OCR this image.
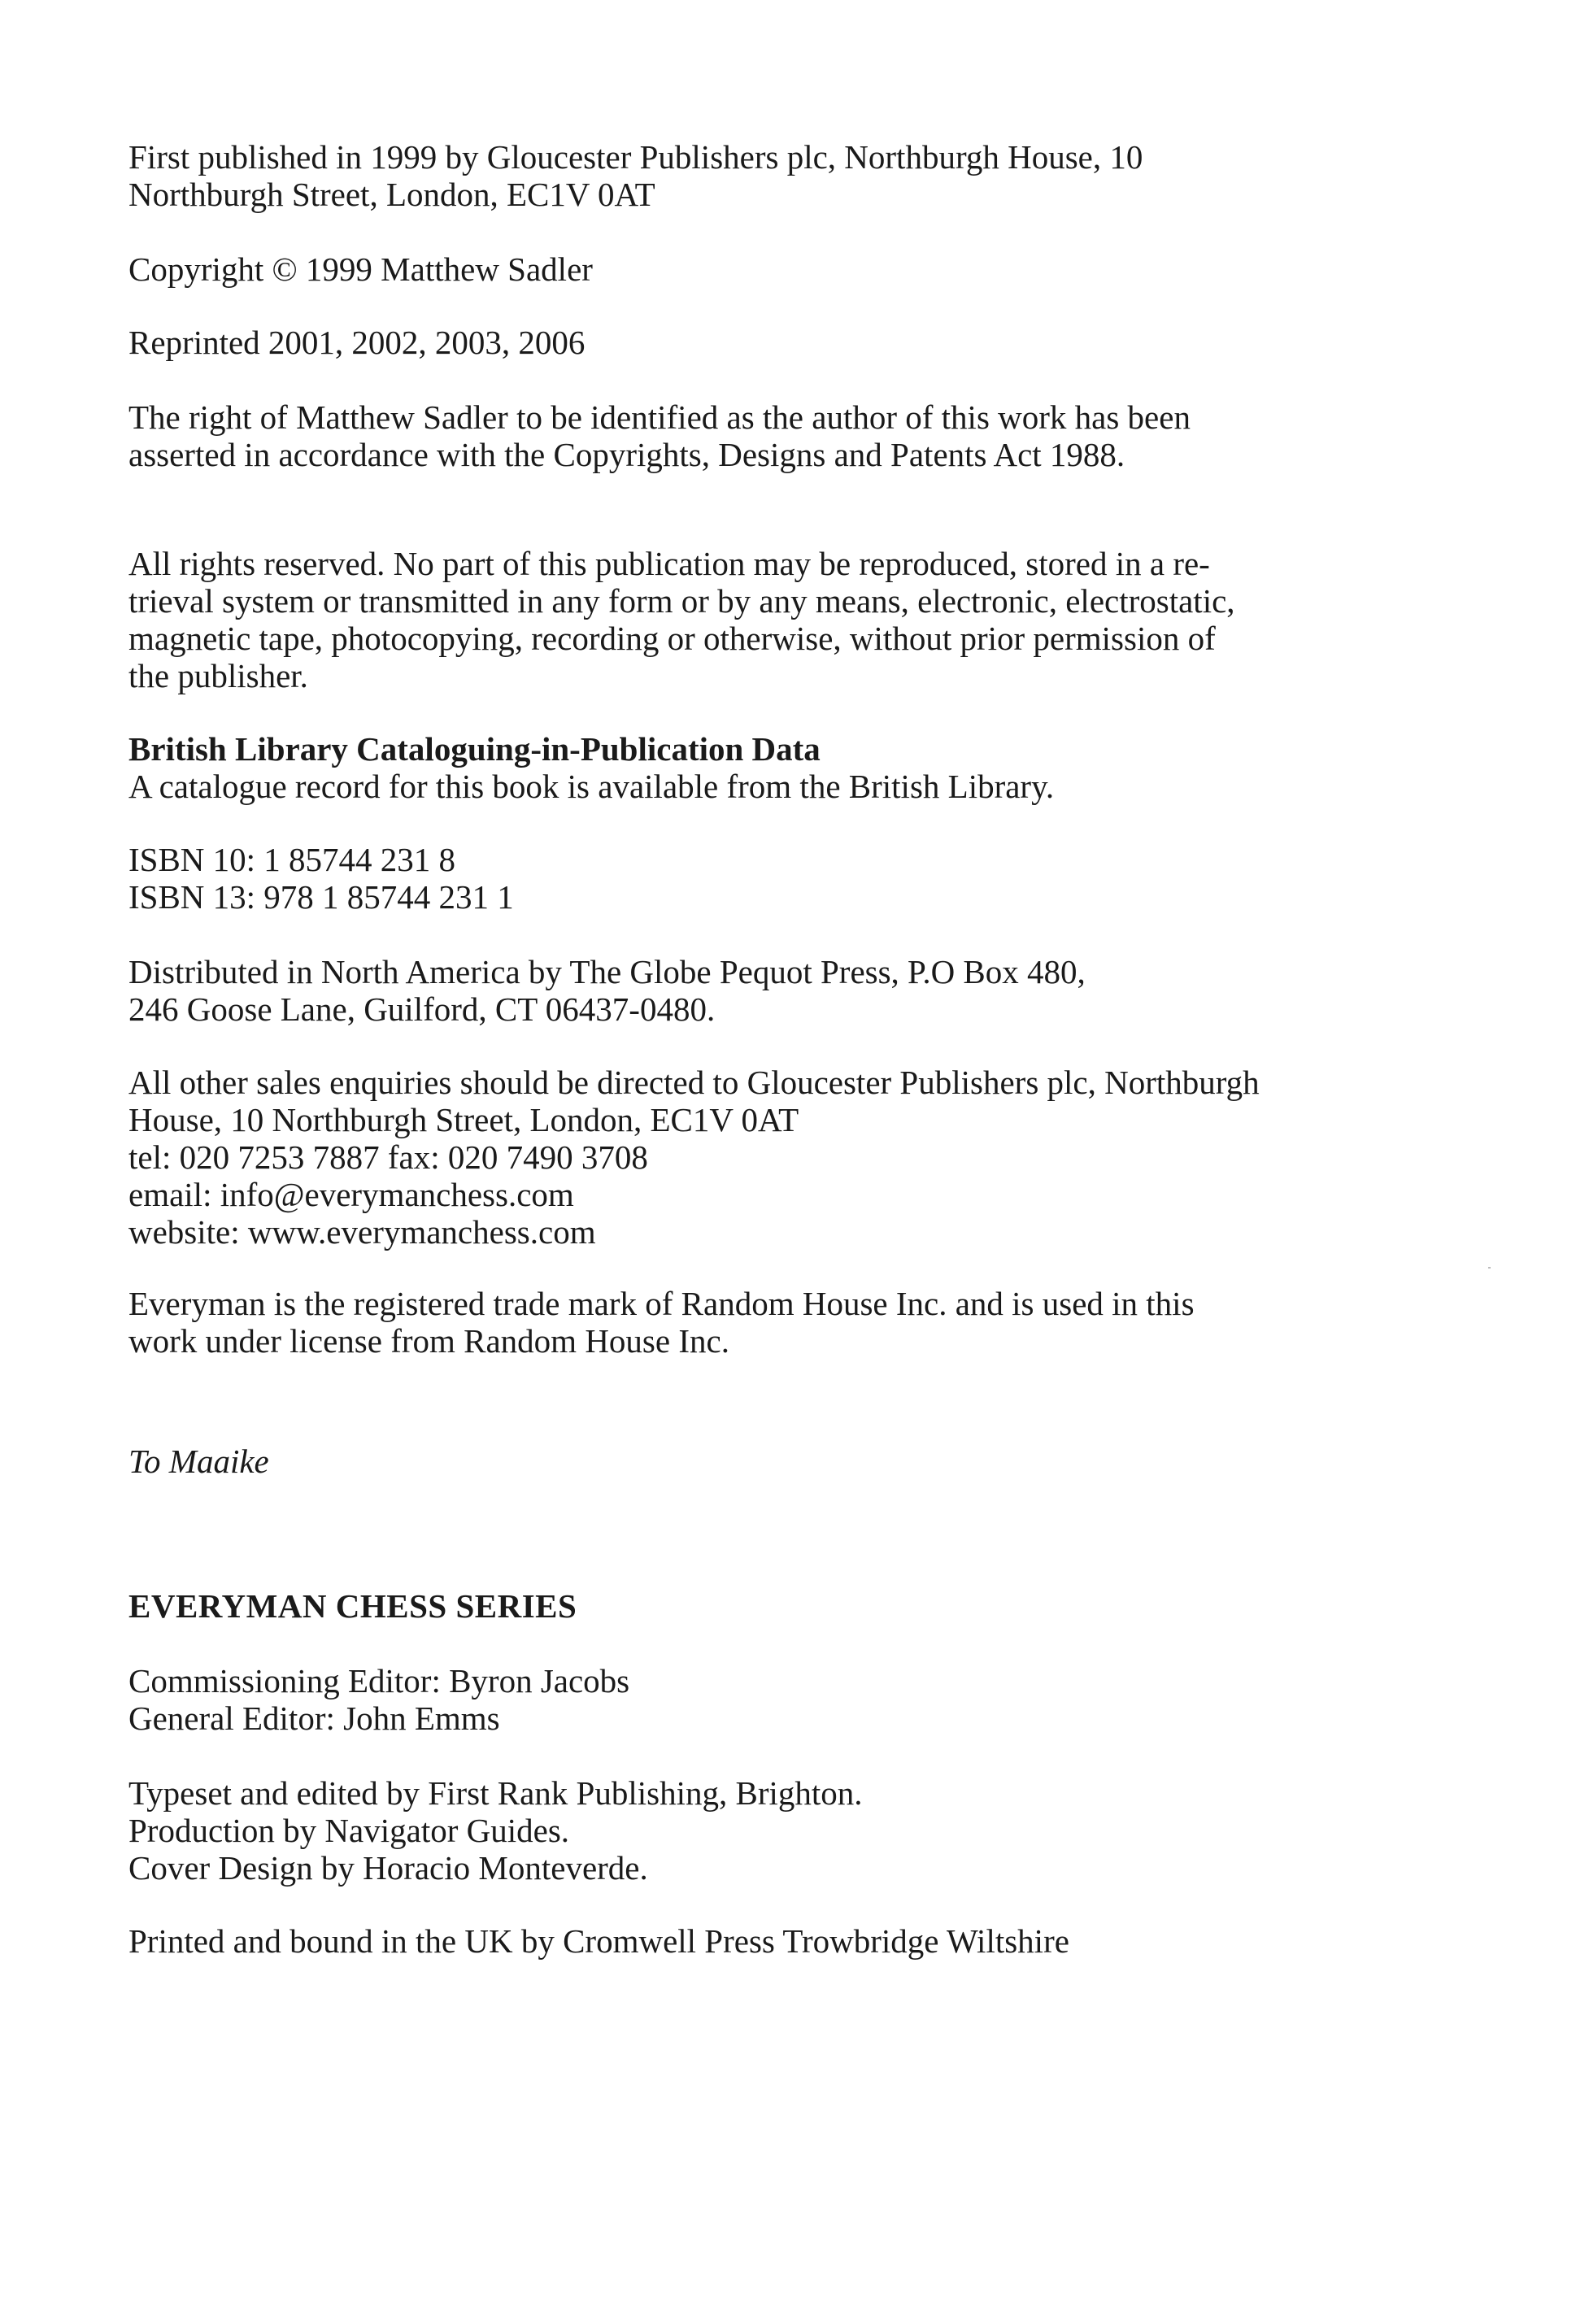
First published in 1999 by Gloucester Publishers plc, Northburgh House, 10
Northburgh Street, London, EC1V 0AT

Copyright © 1999 Matthew Sadler

Reprinted 2001, 2002, 2003, 2006

The right of Matthew Sadler to be identified as the author of this work has been
asserted in accordance with the Copyrights, Designs and Patents Act 1988.

All rights reserved. No part of this publication may be reproduced, stored in a re-
trieval system or transmitted in any form or by any means, electronic, electrostatic,
magnetic tape, photocopying, recording or otherwise, without prior permission of
the publisher.

British Library Cataloguing-in-Publication Data
A catalogue record for this book is available from the British Library.

ISBN 10: 1 85744 231 8
ISBN 13: 978 1 85744 231 1

Distributed in North America by The Globe Pequot Press, P.O Box 480,
246 Goose Lane, Guilford, CT 06437-0480.

All other sales enquiries should be directed to Gloucester Publishers plc, Northburgh
House, 10 Northburgh Street, London, EC1V 0AT
tel: 020 7253 7887 fax: 020 7490 3708
email: info@everymanchess.com
website: www.everymanchess.com

Everyman is the registered trade mark of Random House Inc. and is used in this
work under license from Random House Inc.

To Maaike

EVERYMAN CHESS SERIES

Commissioning Editor: Byron Jacobs
General Editor: John Emms

Typeset and edited by First Rank Publishing, Brighton.
Production by Navigator Guides.
Cover Design by Horacio Monteverde.

Printed and bound in the UK by Cromwell Press Trowbridge Wiltshire
